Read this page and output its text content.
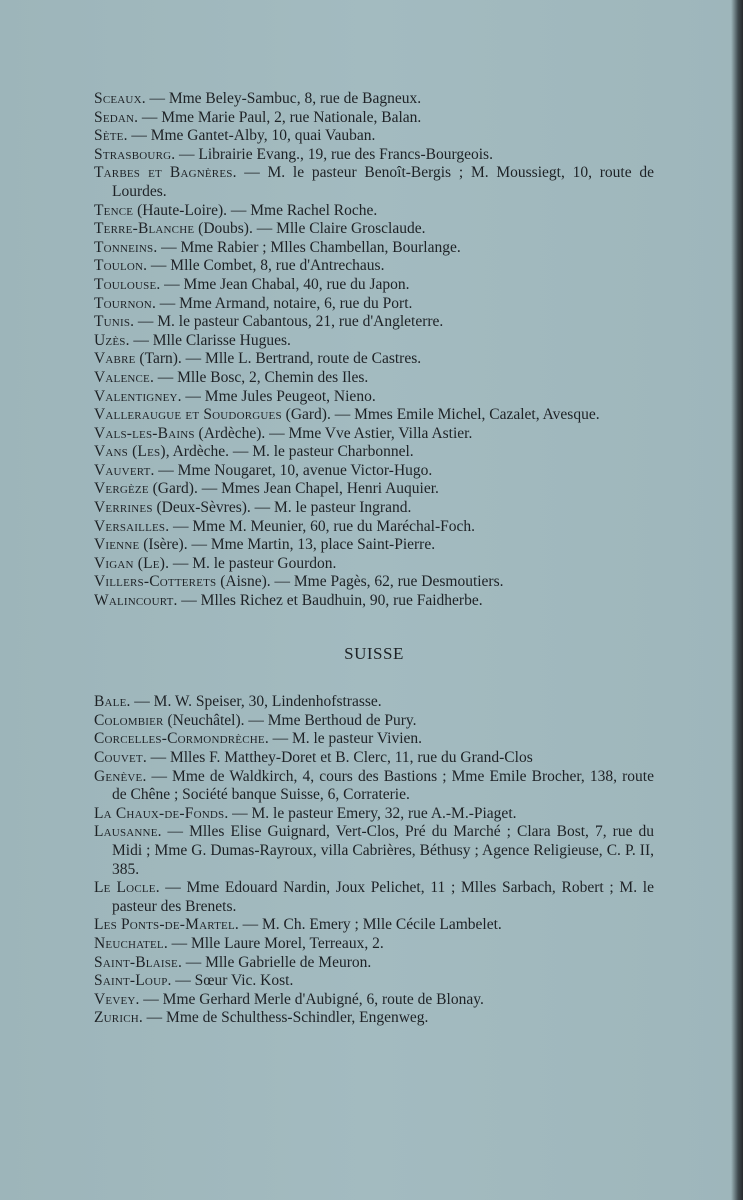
Sceaux. — Mme Beley-Sambuc, 8, rue de Bagneux.

Sedan. — Mme Marie Paul, 2, rue Nationale, Balan.

Sète. — Mme Gantet-Alby, 10, quai Vauban.

Strasbourg. — Librairie Evang., 19, rue des Francs-Bourgeois.

Tarbes et Bagnères. — M. le pasteur Benoît-Bergis ; M. Moussiegt, 10, route de Lourdes.

Tence (Haute-Loire). — Mme Rachel Roche.

Terre-Blanche (Doubs). — Mlle Claire Grosclaude.

Tonneins. — Mme Rabier ; Mlles Chambellan, Bourlange.

Toulon. — Mlle Combet, 8, rue d'Antrechaus.

Toulouse. — Mme Jean Chabal, 40, rue du Japon.

Tournon. — Mme Armand, notaire, 6, rue du Port.

Tunis. — M. le pasteur Cabantous, 21, rue d'Angleterre.

Uzès. — Mlle Clarisse Hugues.

Vabre (Tarn). — Mlle L. Bertrand, route de Castres.

Valence. — Mlle Bosc, 2, Chemin des Iles.

Valentigney. — Mme Jules Peugeot, Nieno.

Valleraugue et Soudorgues (Gard). — Mmes Emile Michel, Cazalet, Avesque.

Vals-les-Bains (Ardèche). — Mme Vve Astier, Villa Astier.

Vans (Les), Ardèche. — M. le pasteur Charbonnel.

Vauvert. — Mme Nougaret, 10, avenue Victor-Hugo.

Vergèze (Gard). — Mmes Jean Chapel, Henri Auquier.

Verrines (Deux-Sèvres). — M. le pasteur Ingrand.

Versailles. — Mme M. Meunier, 60, rue du Maréchal-Foch.

Vienne (Isère). — Mme Martin, 13, place Saint-Pierre.

Vigan (Le). — M. le pasteur Gourdon.

Villers-Cotterets (Aisne). — Mme Pagès, 62, rue Desmoutiers.

Walincourt. — Mlles Richez et Baudhuin, 90, rue Faidherbe.

SUISSE

Bale. — M. W. Speiser, 30, Lindenhofstrasse.

Colombier (Neuchâtel). — Mme Berthoud de Pury.

Corcelles-Cormondrèche. — M. le pasteur Vivien.

Couvet. — Mlles F. Matthey-Doret et B. Clerc, 11, rue du Grand-Clos

Genève. — Mme de Waldkirch, 4, cours des Bastions ; Mme Emile Brocher, 138, route de Chêne ; Société banque Suisse, 6, Corraterie.

La Chaux-de-Fonds. — M. le pasteur Emery, 32, rue A.-M.-Piaget.

Lausanne. — Mlles Elise Guignard, Vert-Clos, Pré du Marché ; Clara Bost, 7, rue du Midi ; Mme G. Dumas-Rayroux, villa Cabrières, Béthusy ; Agence Religieuse, C. P. II, 385.

Le Locle. — Mme Edouard Nardin, Joux Pelichet, 11 ; Mlles Sarbach, Robert ; M. le pasteur des Brenets.

Les Ponts-de-Martel. — M. Ch. Emery ; Mlle Cécile Lambelet.

Neuchatel. — Mlle Laure Morel, Terreaux, 2.

Saint-Blaise. — Mlle Gabrielle de Meuron.

Saint-Loup. — Sœur Vic. Kost.

Vevey. — Mme Gerhard Merle d'Aubigné, 6, route de Blonay.

Zurich. — Mme de Schulthess-Schindler, Engenweg.
